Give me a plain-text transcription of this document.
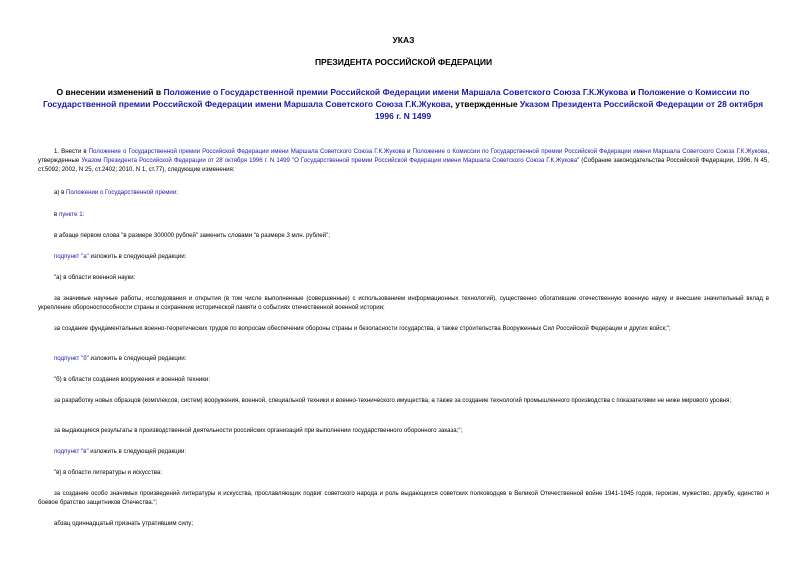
УКАЗ
ПРЕЗИДЕНТА РОССИЙСКОЙ ФЕДЕРАЦИИ
О внесении изменений в Положение о Государственной премии Российской Федерации имени Маршала Советского Союза Г.К.Жукова и Положение о Комиссии по Государственной премии Российской Федерации имени Маршала Советского Союза Г.К.Жукова, утвержденные Указом Президента Российской Федерации от 28 октября 1996 г. N 1499
1. Внести в Положение о Государственной премии Российской Федерации имени Маршала Советского Союза Г.К.Жукова и Положение о Комиссии по Государственной премии Российской Федерации имени Маршала Советского Союза Г.К.Жукова, утвержденные Указом Президента Российской Федерации от 28 октября 1996 г. N 1499 "О Государственной премии Российской Федерации имени Маршала Советского Союза Г.К.Жукова" (Собрание законодательства Российской Федерации, 1996, N 45, ст.5092; 2002, N 25, ст.2402; 2010, N 1, ст.77), следующие изменения:
а) в Положении о Государственной премии:
в пункте 1:
в абзаце первом слова "в размере 300000 рублей" заменить словами "в размере 3 млн. рублей";
подпункт "а" изложить в следующей редакции:
"а) в области военной науки:
за значимые научные работы, исследования и открытия (в том числе выполненные (совершенные) с использованием информационных технологий), существенно обогатившие отечественную военную науку и внесшие значительный вклад в укрепление обороноспособности страны и сохранение исторической памяти о событиях отечественной военной истории;
за создание фундаментальных военно-теоретических трудов по вопросам обеспечения обороны страны и безопасности государства, а также строительства Вооруженных Сил Российской Федерации и других войск;";
подпункт "б" изложить в следующей редакции:
"б) в области создания вооружения и военной техники:
за разработку новых образцов (комплексов, систем) вооружения, военной, специальной техники и военно-технического имущества, а также за создание технологий промышленного производства с показателями не ниже мирового уровня;
за выдающиеся результаты в производственной деятельности российских организаций при выполнении государственного оборонного заказа;";
подпункт "в" изложить в следующей редакции:
"в) в области литературы и искусства:
за создание особо значимых произведений литературы и искусства, прославляющих подвиг советского народа и роль выдающихся советских полководцев в Великой Отечественной войне 1941-1945 годов, героизм, мужество, дружбу, единство и боевое братство защитников Отечества.";
абзац одиннадцатый признать утратившим силу;
